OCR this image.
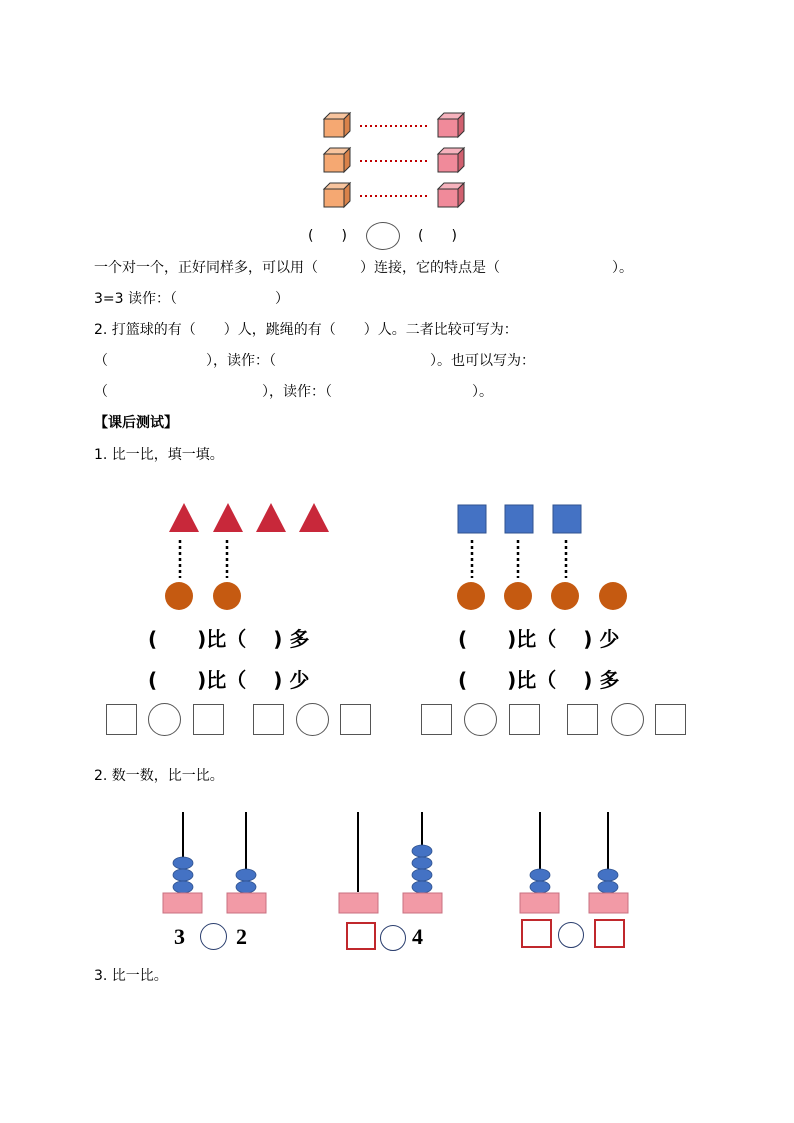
(　　)	(　　)
一个对一个，正好同样多，可以用（　　　）连接，它的特点是（　　　　　　　　）。
3=3 读作：（　　　　　　　）
2. 打篮球的有（　　）人，跳绳的有（　　）人。二者比较可写为：
（　　　　　　　），读作：（　　　　　　　　　　　）。也可以写为：
（　　　　　　　　　　　），读作：（　　　　　　　　　　）。
【课后测试】
1. 比一比，填一填。
(　　)比（　 ) 多
(　　)比（　 ) 少
(　　)比（　 ) 少
(　　)比（　 ) 多
2. 数一数，比一比。
3 2	4
3. 比一比。
